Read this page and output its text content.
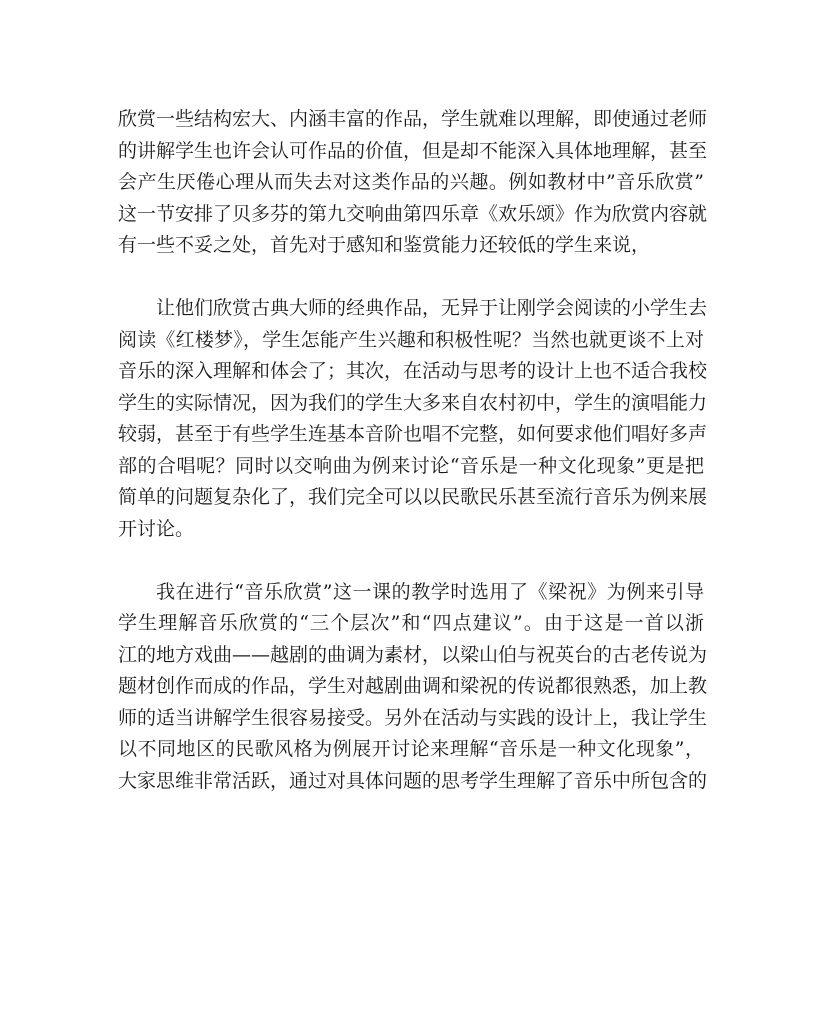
欣赏一些结构宏大、内涵丰富的作品，学生就难以理解，即使通过老师
的讲解学生也许会认可作品的价值，但是却不能深入具体地理解，甚至
会产生厌倦心理从而失去对这类作品的兴趣。例如教材中”音乐欣赏”
这一节安排了贝多芬的第九交响曲第四乐章《欢乐颂》作为欣赏内容就
有一些不妥之处，首先对于感知和鉴赏能力还较低的学生来说，
让他们欣赏古典大师的经典作品，无异于让刚学会阅读的小学生去
阅读《红楼梦》，学生怎能产生兴趣和积极性呢？当然也就更谈不上对
音乐的深入理解和体会了；其次，在活动与思考的设计上也不适合我校
学生的实际情况，因为我们的学生大多来自农村初中，学生的演唱能力
较弱，甚至于有些学生连基本音阶也唱不完整，如何要求他们唱好多声
部的合唱呢？同时以交响曲为例来讨论“音乐是一种文化现象”更是把
简单的问题复杂化了，我们完全可以以民歌民乐甚至流行音乐为例来展
开讨论。
我在进行“音乐欣赏”这一课的教学时选用了《梁祝》为例来引导
学生理解音乐欣赏的“三个层次”和“四点建议”。由于这是一首以浙
江的地方戏曲——越剧的曲调为素材，以梁山伯与祝英台的古老传说为
题材创作而成的作品，学生对越剧曲调和梁祝的传说都很熟悉，加上教
师的适当讲解学生很容易接受。另外在活动与实践的设计上，我让学生
以不同地区的民歌风格为例展开讨论来理解“音乐是一种文化现象”，
大家思维非常活跃，通过对具体问题的思考学生理解了音乐中所包含的
